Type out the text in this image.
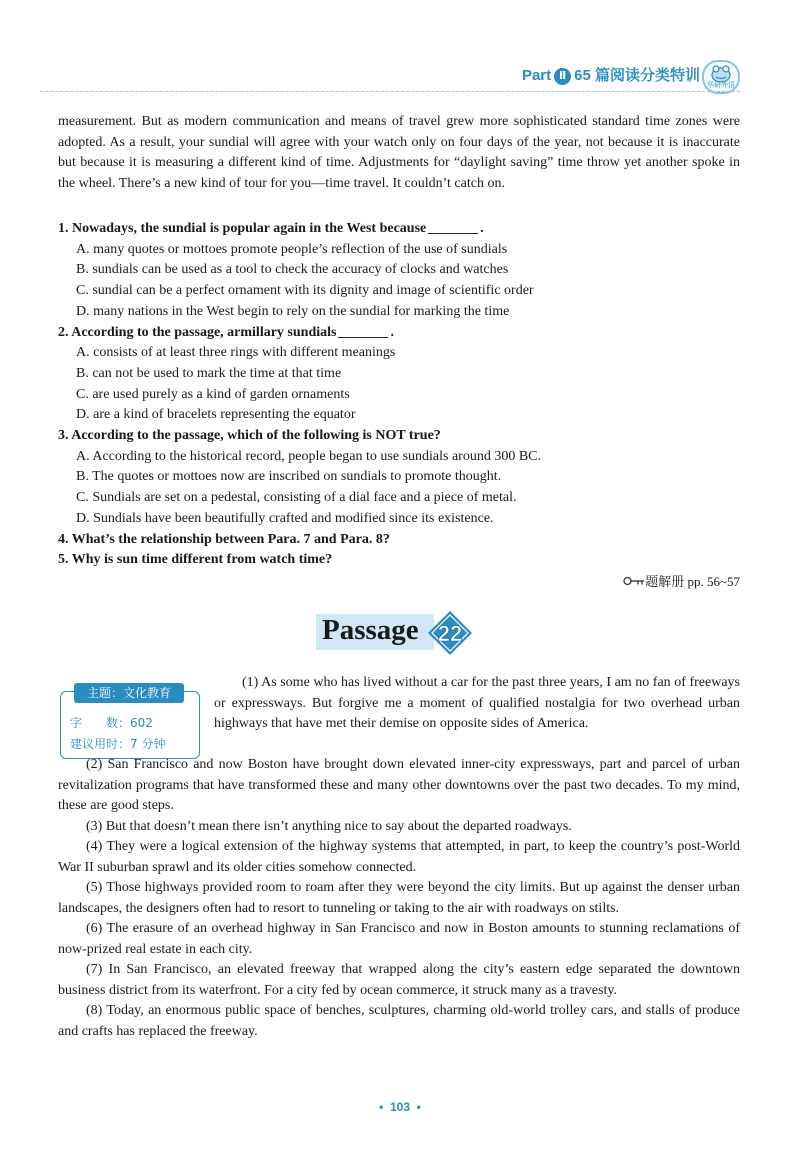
Part Ⅱ 65 篇阅读分类特训
华研外语

measurement. But as modern communication and means of travel grew more sophisticated standard time zones were adopted. As a result, your sundial will agree with your watch only on four days of the year, not because it is inaccurate but because it is measuring a different kind of time. Adjustments for “daylight saving” time throw yet another spoke in the wheel. There’s a new kind of tour for you—time travel. It couldn’t catch on.

1. Nowadays, the sundial is popular again in the West because	.
A. many quotes or mottoes promote people’s reflection of the use of sundials
B. sundials can be used as a tool to check the accuracy of clocks and watches
C. sundial can be a perfect ornament with its dignity and image of scientific order
D. many nations in the West begin to rely on the sundial for marking the time
2. According to the passage, armillary sundials	.
A. consists of at least three rings with different meanings
B. can not be used to mark the time at that time
C. are used purely as a kind of garden ornaments
D. are a kind of bracelets representing the equator
3. According to the passage, which of the following is NOT true?
A. According to the historical record, people began to use sundials around 300 BC.
B. The quotes or mottoes now are inscribed on sundials to promote thought.
C. Sundials are set on a pedestal, consisting of a dial face and a piece of metal.
D. Sundials have been beautifully crafted and modified since its existence.
4. What’s the relationship between Para. 7 and Para. 8?
5. Why is sun time different from watch time?
题解册 pp. 56~57
Passage 22
主题：文化教育
字　　数：602
建议用时：7 分钟

(1) As some who has lived without a car for the past three years, I am no fan of freeways or expressways. But forgive me a moment of qualified nostalgia for two overhead urban highways that have met their demise on opposite sides of America.

(2) San Francisco and now Boston have brought down elevated inner-city expressways, part and parcel of urban revitalization programs that have transformed these and many other downtowns over the past two decades. To my mind, these are good steps.

(3) But that doesn’t mean there isn’t anything nice to say about the departed roadways.

(4) They were a logical extension of the highway systems that attempted, in part, to keep the country’s post-World War II suburban sprawl and its older cities somehow connected.

(5) Those highways provided room to roam after they were beyond the city limits. But up against the denser urban landscapes, the designers often had to resort to tunneling or taking to the air with roadways on stilts.

(6) The erasure of an overhead highway in San Francisco and now in Boston amounts to stunning reclamations of now-prized real estate in each city.

(7) In San Francisco, an elevated freeway that wrapped along the city’s eastern edge separated the downtown business district from its waterfront. For a city fed by ocean commerce, it struck many as a travesty.

(8) Today, an enormous public space of benches, sculptures, charming old-world trolley cars, and stalls of produce and crafts has replaced the freeway.

•  103  •
